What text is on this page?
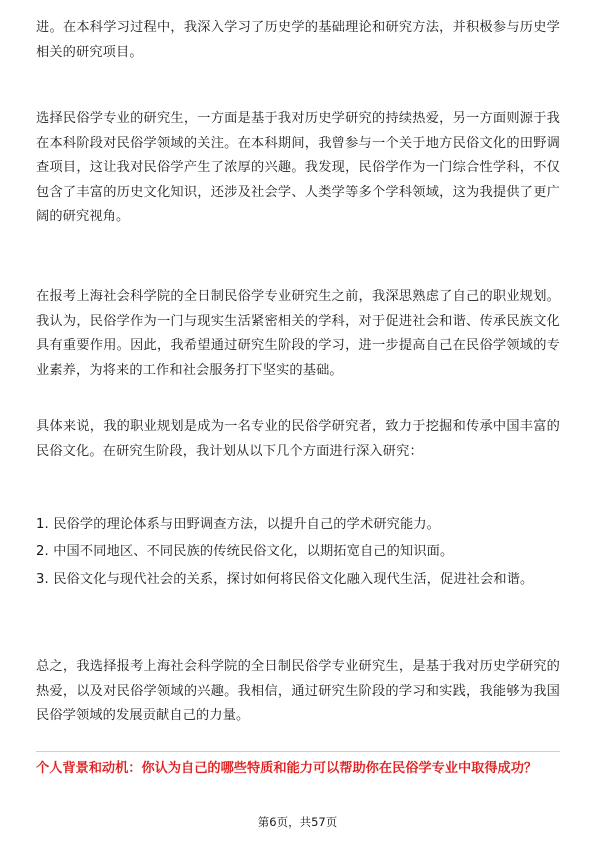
进。在本科学习过程中，我深入学习了历史学的基础理论和研究方法，并积极参与历史学相关的研究项目。

选择民俗学专业的研究生，一方面是基于我对历史学研究的持续热爱，另一方面则源于我在本科阶段对民俗学领域的关注。在本科期间，我曾参与一个关于地方民俗文化的田野调查项目，这让我对民俗学产生了浓厚的兴趣。我发现，民俗学作为一门综合性学科，不仅包含了丰富的历史文化知识，还涉及社会学、人类学等多个学科领域，这为我提供了更广阔的研究视角。

在报考上海社会科学院的全日制民俗学专业研究生之前，我深思熟虑了自己的职业规划。我认为，民俗学作为一门与现实生活紧密相关的学科，对于促进社会和谐、传承民族文化具有重要作用。因此，我希望通过研究生阶段的学习，进一步提高自己在民俗学领域的专业素养，为将来的工作和社会服务打下坚实的基础。

具体来说，我的职业规划是成为一名专业的民俗学研究者，致力于挖掘和传承中国丰富的民俗文化。在研究生阶段，我计划从以下几个方面进行深入研究：

1. 民俗学的理论体系与田野调查方法，以提升自己的学术研究能力。

2. 中国不同地区、不同民族的传统民俗文化，以期拓宽自己的知识面。

3. 民俗文化与现代社会的关系，探讨如何将民俗文化融入现代生活，促进社会和谐。

总之，我选择报考上海社会科学院的全日制民俗学专业研究生，是基于我对历史学研究的热爱，以及对民俗学领域的兴趣。我相信，通过研究生阶段的学习和实践，我能够为我国民俗学领域的发展贡献自己的力量。

个人背景和动机：你认为自己的哪些特质和能力可以帮助你在民俗学专业中取得成功？

第6页，共57页
